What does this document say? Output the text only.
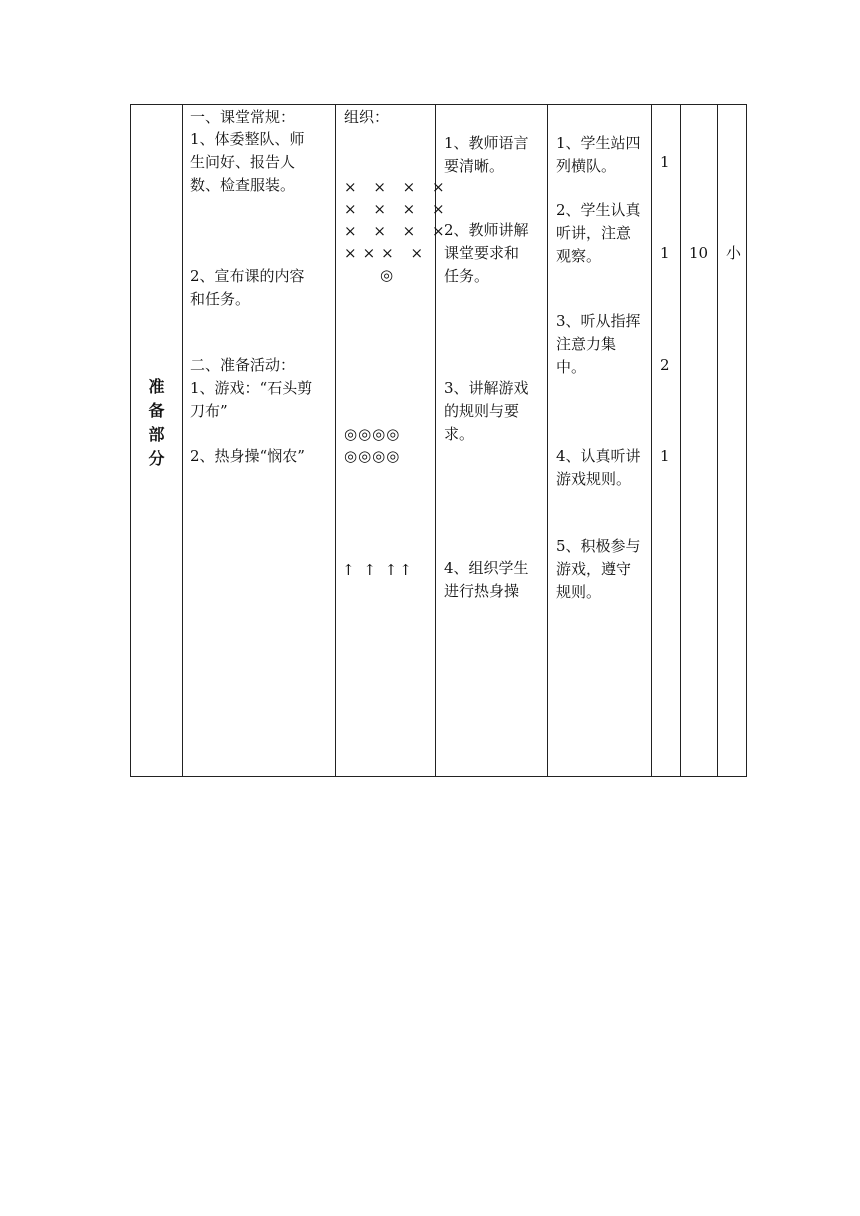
准
备
部
分
一、课堂常规：
1、体委整队、师
生问好、报告人
数、检查服装。
2、宣布课的内容
和任务。
二、准备活动：
1、游戏：“石头剪
刀布”
2、热身操“悯农”
组织：
× × × ×
× × × ×
× × × ×
××× ×
◎
◎◎◎◎
◎◎◎◎
↑ ↑ ↑↑
1、教师语言
要清晰。
2、教师讲解
课堂要求和
任务。
3、讲解游戏
的规则与要
求。
4、组织学生
进行热身操
1、学生站四
列横队。
2、学生认真
听讲，注意
观察。
3、听从指挥
注意力集
中。
4、认真听讲
游戏规则。
5、积极参与
游戏，遵守
规则。
1
1
2
1
10 小
